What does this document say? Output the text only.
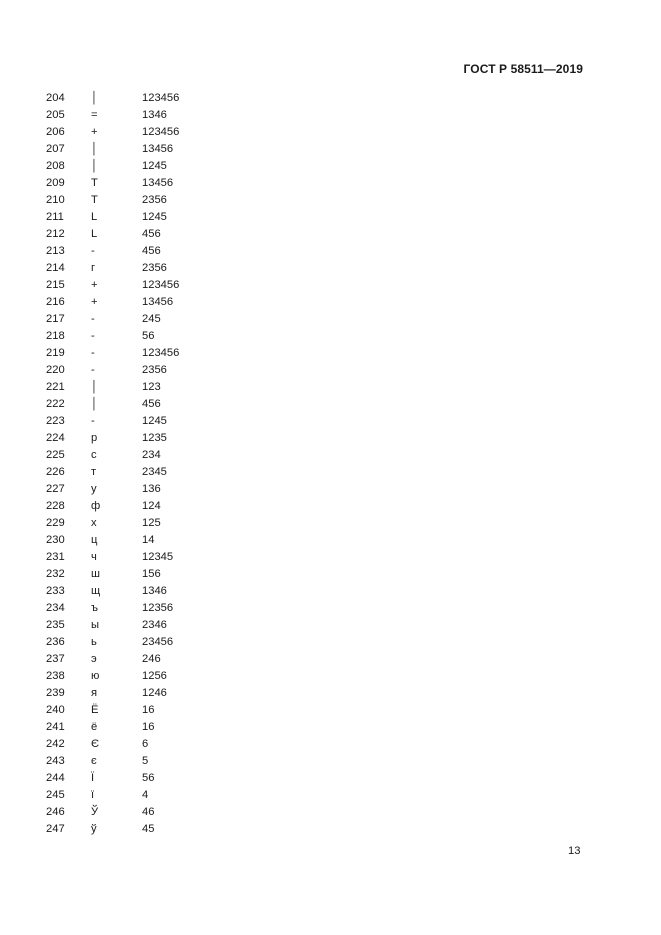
ГОСТ Р 58511—2019
204 │	123456
205 =	1346
206 +	123456
207 │	13456
208 │	1245
209 T	13456
210 T	2356
211 L	1245
212 L	456
213 -	456
214 г	2356
215 +	123456
216 +	13456
217 -	245
218 -	56
219 -	123456
220 -	2356
221 │	123
222 │	456
223 -	1245
224 р	1235
225 с	234
226 т	2345
227 у	136
228 ф	124
229 х	125
230 ц	14
231 ч	12345
232 ш	156
233 щ	1346
234 ъ	12356
235 ы	2346
236 ь	23456
237 э	246
238 ю	1256
239 я	1246
240 Ё	16
241 ё	16
242 Є	6
243 є	5
244 Ї	56
245 ї	4
246 Ў	46
247 ў	45
13
